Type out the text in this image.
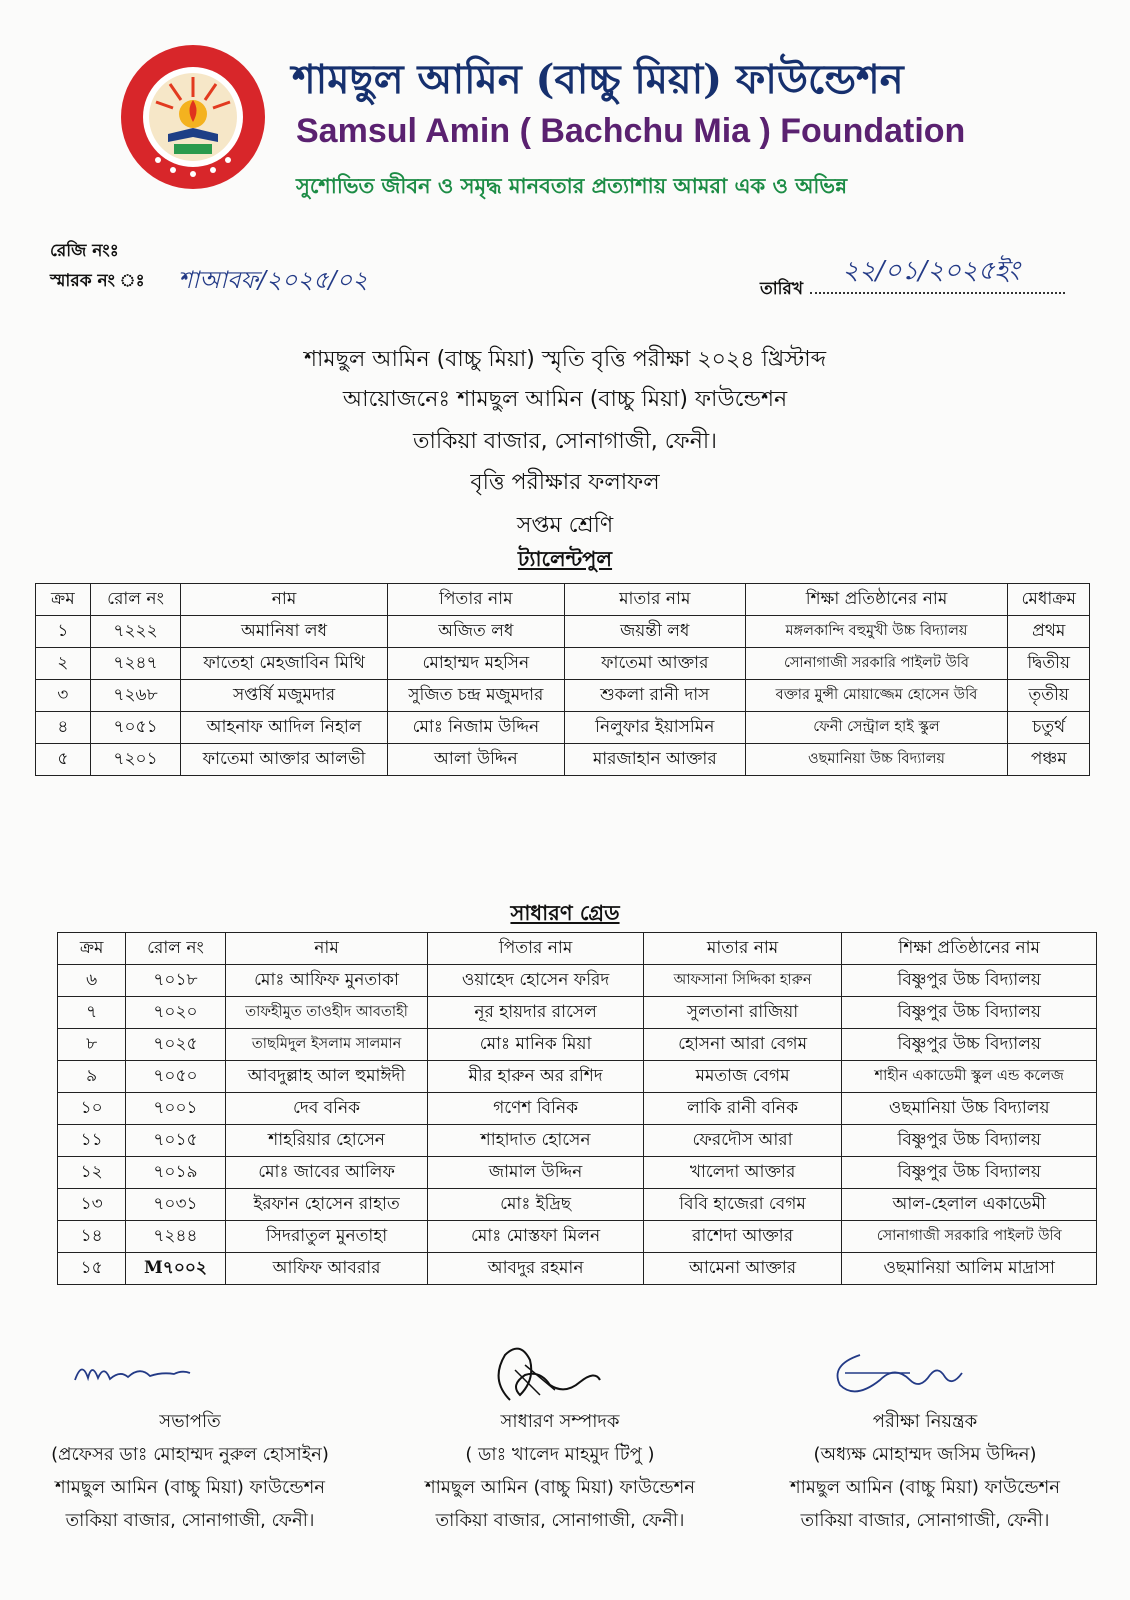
শামছুল আমিন (বাচ্চু মিয়া) ফাউন্ডেশন
Samsul Amin ( Bachchu Mia ) Foundation
সুশোভিত জীবন ও সমৃদ্ধ মানবতার প্রত্যাশায় আমরা এক ও অভিন্ন
রেজি নংঃ
স্মারক নং ঃ শাআবফ/২০২৫/০২	তারিখ
২২/০১/২০২৫ইং
শামছুল আমিন (বাচ্চু মিয়া) স্মৃতি বৃত্তি পরীক্ষা ২০২৪ খ্রিস্টাব্দ
আয়োজনেঃ শামছুল আমিন (বাচ্চু মিয়া) ফাউন্ডেশন
তাকিয়া বাজার, সোনাগাজী, ফেনী।
বৃত্তি পরীক্ষার ফলাফল
সপ্তম শ্রেণি
ট্যালেন্টপুল
ক্রম	রোল নং	নাম	পিতার নাম	মাতার নাম	শিক্ষা প্রতিষ্ঠানের নাম	মেধাক্রম
১	৭২২২	অমানিষা লধ	অজিত লধ	জয়ন্তী লধ	মঙ্গলকান্দি বহুমুখী উচ্চ বিদ্যালয়	প্রথম
২	৭২৪৭	ফাতেহা মেহজাবিন মিথি	মোহাম্মদ মহসিন	ফাতেমা আক্তার	সোনাগাজী সরকারি পাইলট উবি	দ্বিতীয়
৩	৭২৬৮	সপ্তর্ষি মজুমদার	সুজিত চন্দ্র মজুমদার	শুকলা রানী দাস	বক্তার মুন্সী মোয়াজ্জেম হোসেন উবি	তৃতীয়
৪	৭০৫১	আহনাফ আদিল নিহাল	মোঃ নিজাম উদ্দিন	নিলুফার ইয়াসমিন	ফেনী সেন্ট্রাল হাই স্কুল	চতুর্থ
৫	৭২০১	ফাতেমা আক্তার আলভী	আলা উদ্দিন	মারজাহান আক্তার	ওছমানিয়া উচ্চ বিদ্যালয়	পঞ্চম
সাধারণ গ্রেড
ক্রম	রোল নং	নাম	পিতার নাম	মাতার নাম	শিক্ষা প্রতিষ্ঠানের নাম
৬	৭০১৮	মোঃ আফিফ মুনতাকা	ওয়াহেদ হোসেন ফরিদ	আফসানা সিদ্দিকা হারুন	বিষ্ণুপুর উচ্চ বিদ্যালয়
৭	৭০২০	তাফহীমুত তাওহীদ আবতাহী	নূর হায়দার রাসেল	সুলতানা রাজিয়া	বিষ্ণুপুর উচ্চ বিদ্যালয়
৮	৭০২৫	তাছমিদুল ইসলাম সালমান	মোঃ মানিক মিয়া	হোসনা আরা বেগম	বিষ্ণুপুর উচ্চ বিদ্যালয়
৯	৭০৫০	আবদুল্লাহ আল হুমাঈদী	মীর হারুন অর রশিদ	মমতাজ বেগম	শাহীন একাডেমী স্কুল এন্ড কলেজ
১০	৭০০১	দেব বনিক	গণেশ বিনিক	লাকি রানী বনিক	ওছমানিয়া উচ্চ বিদ্যালয়
১১	৭০১৫	শাহরিয়ার হোসেন	শাহাদাত হোসেন	ফেরদৌস আরা	বিষ্ণুপুর উচ্চ বিদ্যালয়
১২	৭০১৯	মোঃ জাবের আলিফ	জামাল উদ্দিন	খালেদা আক্তার	বিষ্ণুপুর উচ্চ বিদ্যালয়
১৩	৭০৩১	ইরফান হোসেন রাহাত	মোঃ ইদ্রিছ	বিবি হাজেরা বেগম	আল-হেলাল একাডেমী
১৪	৭২৪৪	সিদরাতুল মুনতাহা	মোঃ মোস্তফা মিলন	রাশেদা আক্তার	সোনাগাজী সরকারি পাইলট উবি
১৫	M৭০০২	আফিফ আবরার	আবদুর রহমান	আমেনা আক্তার	ওছমানিয়া আলিম মাদ্রাসা
সভাপতি
(প্রফেসর ডাঃ মোহাম্মদ নুরুল হোসাইন)
শামছুল আমিন (বাচ্চু মিয়া) ফাউন্ডেশন
তাকিয়া বাজার, সোনাগাজী, ফেনী।
সাধারণ সম্পাদক
( ডাঃ খালেদ মাহমুদ টিপু )
শামছুল আমিন (বাচ্চু মিয়া) ফাউন্ডেশন
তাকিয়া বাজার, সোনাগাজী, ফেনী।
পরীক্ষা নিয়ন্ত্রক
(অধ্যক্ষ মোহাম্মদ জসিম উদ্দিন)
শামছুল আমিন (বাচ্চু মিয়া) ফাউন্ডেশন
তাকিয়া বাজার, সোনাগাজী, ফেনী।
